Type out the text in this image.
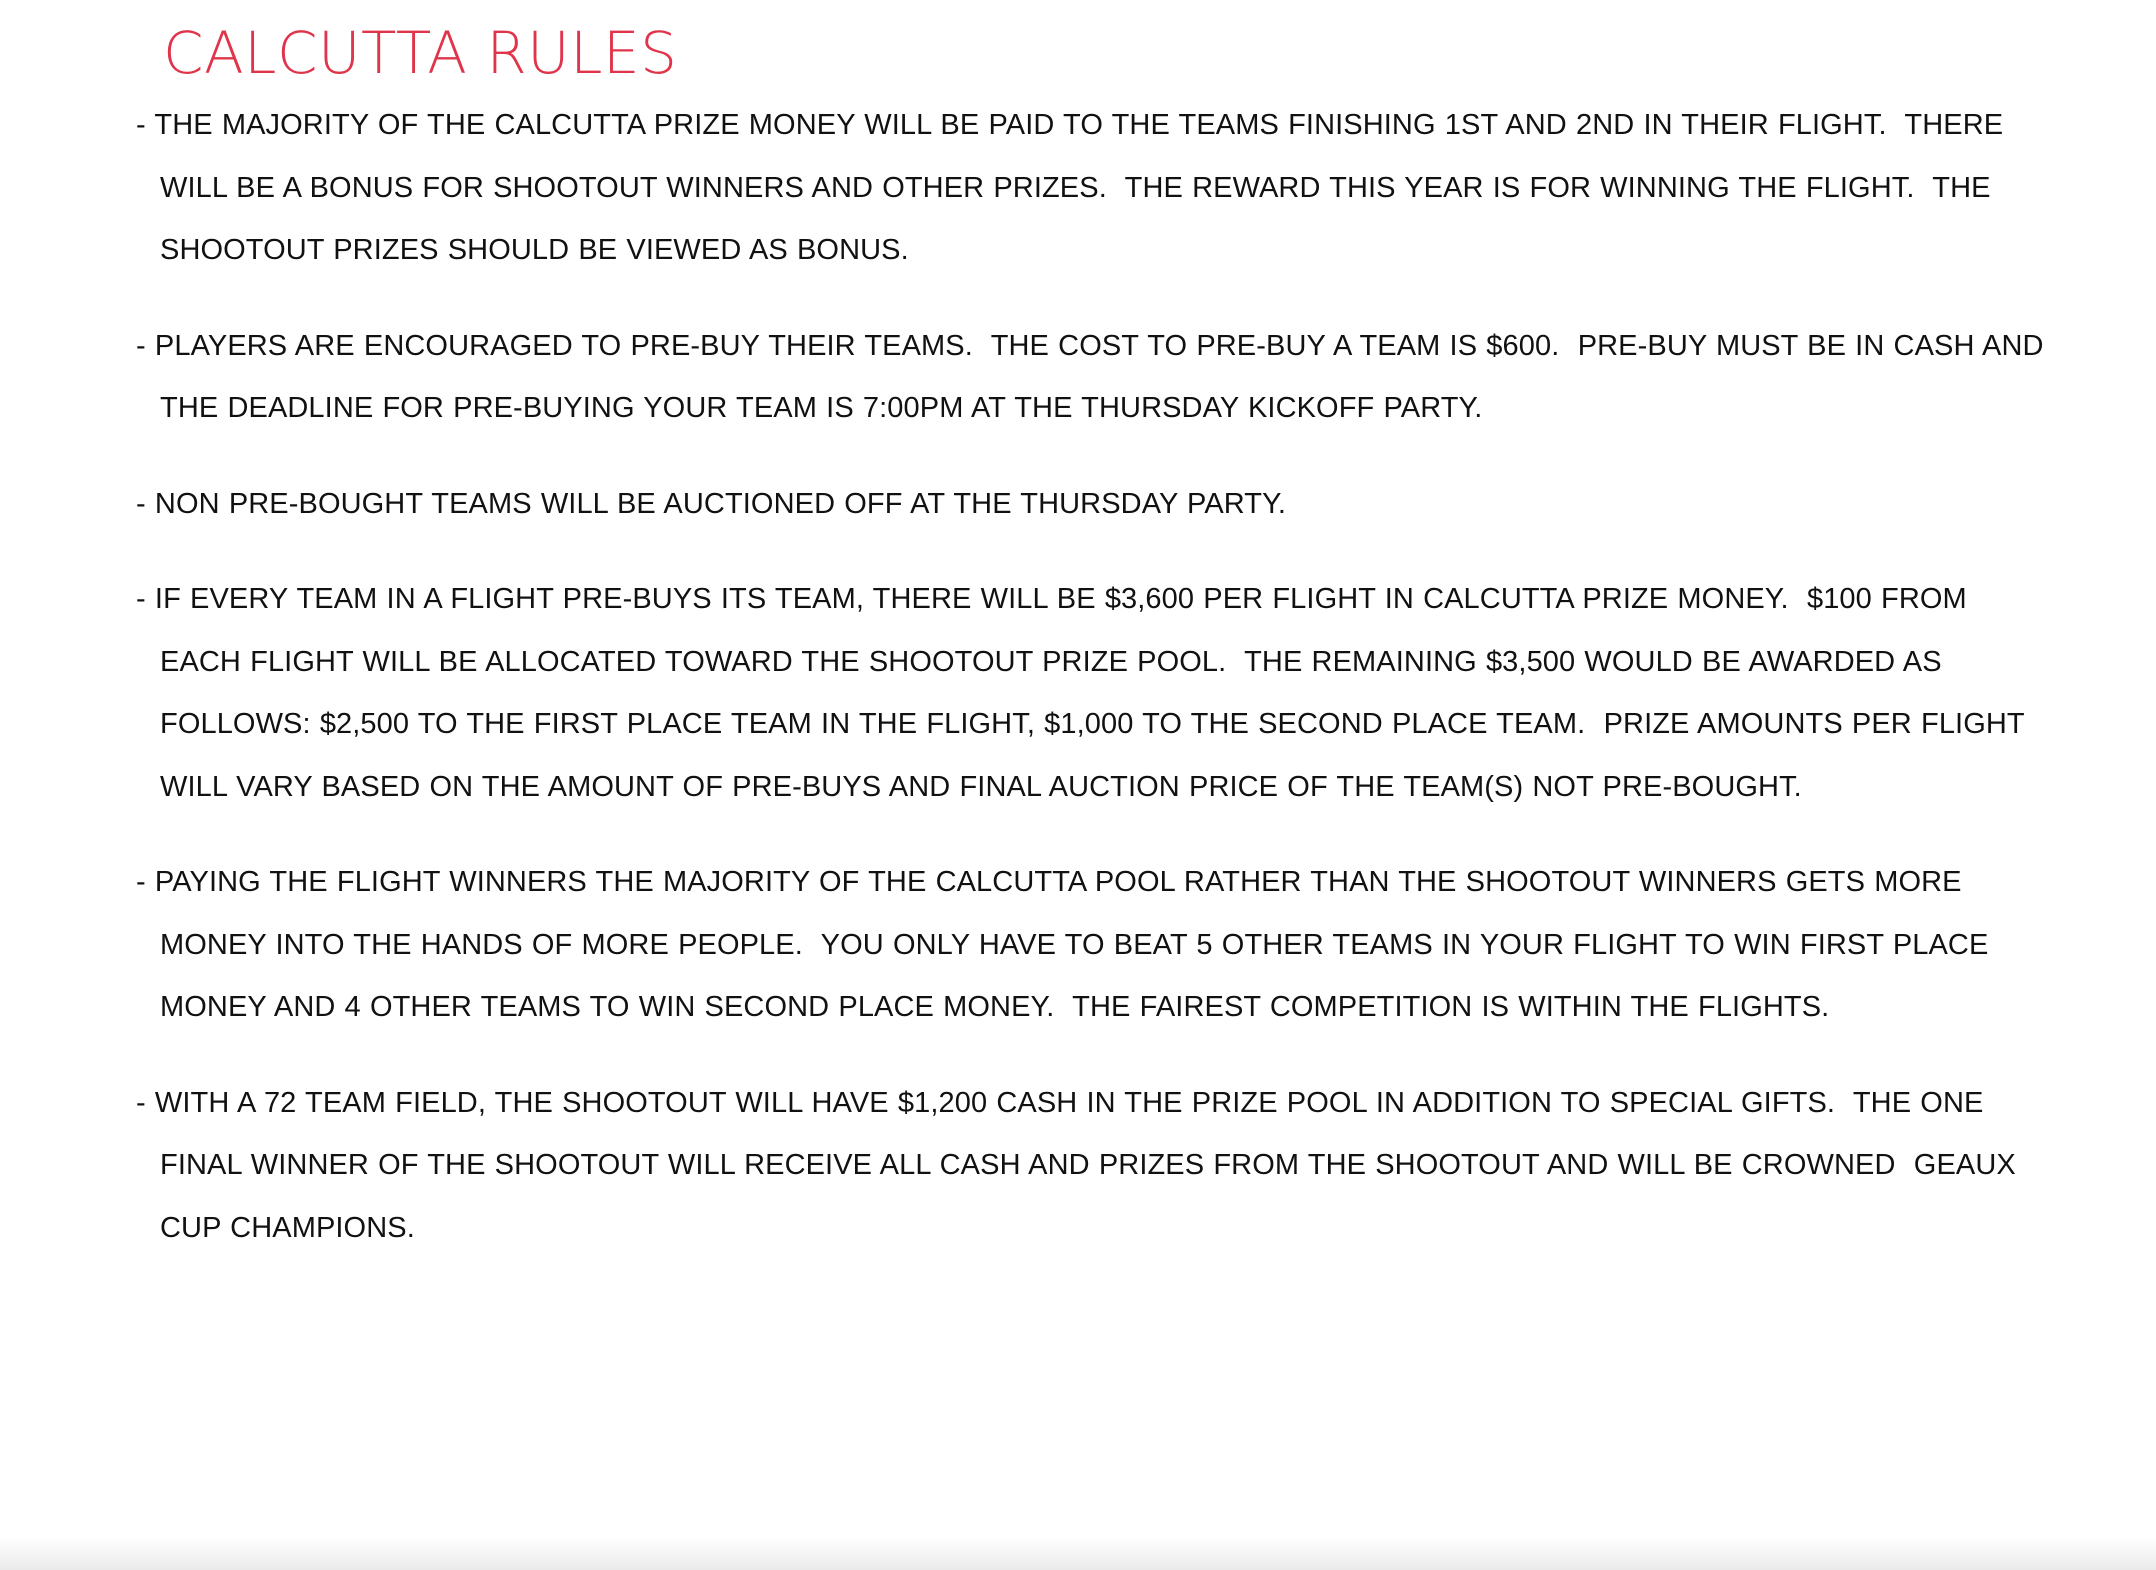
CALCUTTA RULES
- THE MAJORITY OF THE CALCUTTA PRIZE MONEY WILL BE PAID TO THE TEAMS FINISHING 1ST AND 2ND IN THEIR FLIGHT.  THERE WILL BE A BONUS FOR SHOOTOUT WINNERS AND OTHER PRIZES.  THE REWARD THIS YEAR IS FOR WINNING THE FLIGHT.  THE SHOOTOUT PRIZES SHOULD BE VIEWED AS BONUS.
- PLAYERS ARE ENCOURAGED TO PRE-BUY THEIR TEAMS.  THE COST TO PRE-BUY A TEAM IS $600.  PRE-BUY MUST BE IN CASH AND THE DEADLINE FOR PRE-BUYING YOUR TEAM IS 7:00PM AT THE THURSDAY KICKOFF PARTY.
- NON PRE-BOUGHT TEAMS WILL BE AUCTIONED OFF AT THE THURSDAY PARTY.
- IF EVERY TEAM IN A FLIGHT PRE-BUYS ITS TEAM, THERE WILL BE $3,600 PER FLIGHT IN CALCUTTA PRIZE MONEY.  $100 FROM EACH FLIGHT WILL BE ALLOCATED TOWARD THE SHOOTOUT PRIZE POOL.  THE REMAINING $3,500 WOULD BE AWARDED AS FOLLOWS: $2,500 TO THE FIRST PLACE TEAM IN THE FLIGHT, $1,000 TO THE SECOND PLACE TEAM.  PRIZE AMOUNTS PER FLIGHT WILL VARY BASED ON THE AMOUNT OF PRE-BUYS AND FINAL AUCTION PRICE OF THE TEAM(S) NOT PRE-BOUGHT.
- PAYING THE FLIGHT WINNERS THE MAJORITY OF THE CALCUTTA POOL RATHER THAN THE SHOOTOUT WINNERS GETS MORE MONEY INTO THE HANDS OF MORE PEOPLE.  YOU ONLY HAVE TO BEAT 5 OTHER TEAMS IN YOUR FLIGHT TO WIN FIRST PLACE MONEY AND 4 OTHER TEAMS TO WIN SECOND PLACE MONEY.  THE FAIREST COMPETITION IS WITHIN THE FLIGHTS.
- WITH A 72 TEAM FIELD, THE SHOOTOUT WILL HAVE $1,200 CASH IN THE PRIZE POOL IN ADDITION TO SPECIAL GIFTS.  THE ONE FINAL WINNER OF THE SHOOTOUT WILL RECEIVE ALL CASH AND PRIZES FROM THE SHOOTOUT AND WILL BE CROWNED  GEAUX CUP CHAMPIONS.
